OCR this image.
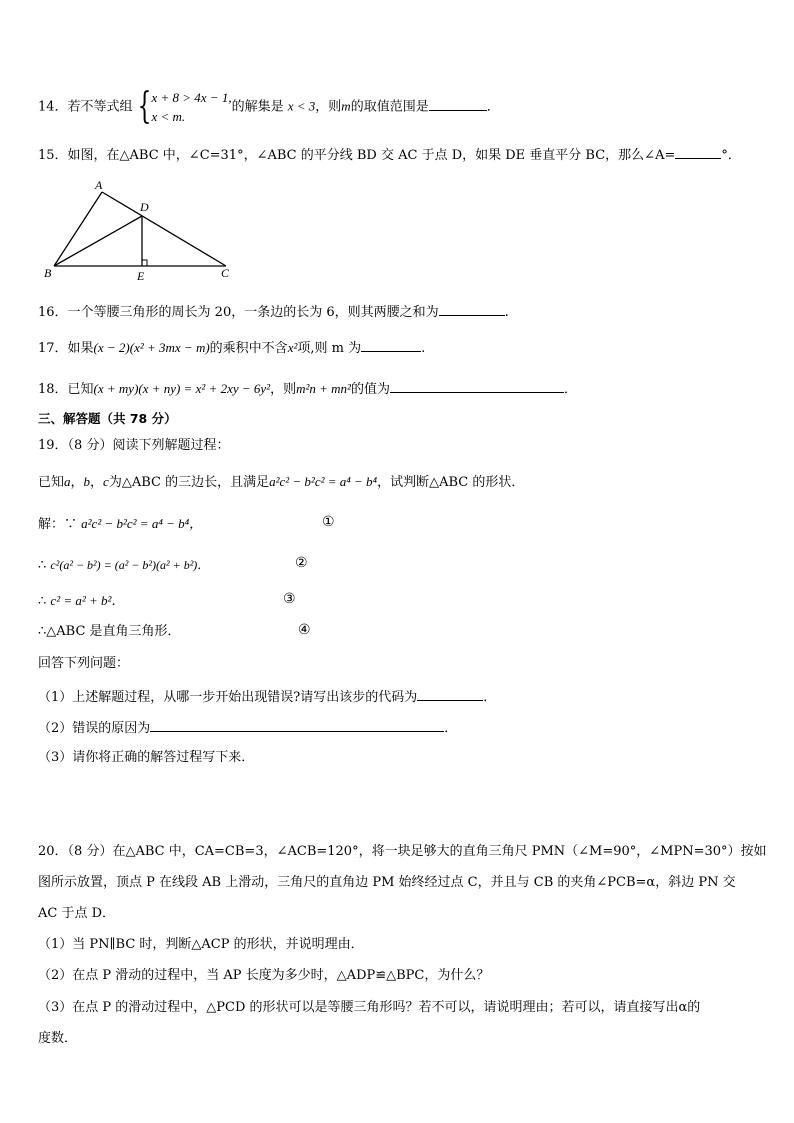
14．若不等式组 {x + 8 > 4x − 1,
x < m.的解集是 x < 3，则m的取值范围是	．
15．如图，在△ABC 中，∠C=31°，∠ABC 的平分线 BD 交 AC 于点 D，如果 DE 垂直平分 BC，那么∠A=	°．
A
D
B	E	C
16．一个等腰三角形的周长为 20，一条边的长为 6，则其两腰之和为	.
17．如果(x − 2)(x² + 3mx − m)的乘积中不含x²项,则 m 为	.
18．已知(x + my)(x + ny) = x² + 2xy − 6y²，则m²n + mn²的值为	．
三、解答题（共 78 分）
19．（8 分）阅读下列解题过程：
已知a，b，c为△ABC 的三边长，且满足a²c² − b²c² = a⁴ − b⁴，试判断△ABC 的形状．
解：∵ a²c² − b²c² = a⁴ − b⁴，	①
∴ c²(a² − b²) = (a² − b²)(a² + b²)．	②
∴ c² = a² + b²．	③
∴△ABC 是直角三角形．	④
回答下列问题：
（1）上述解题过程，从哪一步开始出现错误?请写出该步的代码为	．
（2）错误的原因为	．
（3）请你将正确的解答过程写下来．
20．（8 分）在△ABC 中，CA=CB=3，∠ACB=120°，将一块足够大的直角三角尺 PMN（∠M=90°，∠MPN=30°）按如
图所示放置，顶点 P 在线段 AB 上滑动，三角尺的直角边 PM 始终经过点 C，并且与 CB 的夹角∠PCB=α，斜边 PN 交
AC 于点 D．
（1）当 PN∥BC 时，判断△ACP 的形状，并说明理由．
（2）在点 P 滑动的过程中，当 AP 长度为多少时，△ADP≌△BPC，为什么？
（3）在点 P 的滑动过程中，△PCD 的形状可以是等腰三角形吗？若不可以，请说明理由；若可以，请直接写出α的
度数．
